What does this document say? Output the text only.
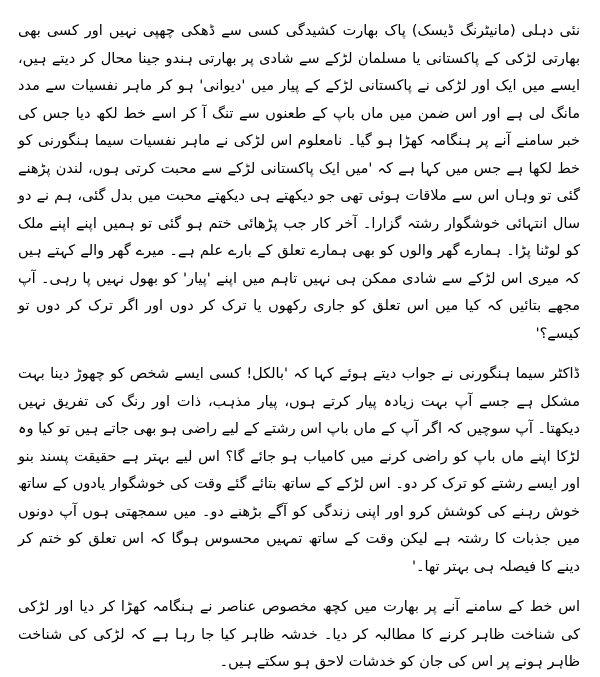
نئی دہلی (مانیٹرنگ ڈیسک) پاک بھارت کشیدگی کسی سے ڈھکی چھپی نہیں اور کسی بھی بھارتی لڑکی کے پاکستانی یا مسلمان لڑکے سے شادی پر بھارتی ہندو جینا محال کر دیتے ہیں، ایسے میں ایک اور لڑکی نے پاکستانی لڑکے کے پیار میں 'دیوانی' ہو کر ماہر نفسیات سے مدد مانگ لی ہے اور اس ضمن میں ماں باپ کے طعنوں سے تنگ آ کر اسے خط لکھ دیا جس کی خبر سامنے آنے پر ہنگامہ کھڑا ہو گیا۔ نامعلوم اس لڑکی نے ماہر نفسیات سیما ہنگورنی کو خط لکھا ہے جس میں کہا ہے کہ 'میں ایک پاکستانی لڑکے سے محبت کرتی ہوں، لندن پڑھنے گئی تو وہاں اس سے ملاقات ہوئی تھی جو دیکھتے ہی دیکھتے محبت میں بدل گئی، ہم نے دو سال انتہائی خوشگوار رشتہ گزارا۔ آخر کار جب پڑھائی ختم ہو گئی تو ہمیں اپنے اپنے ملک کو لوٹنا پڑا۔ ہمارے گھر والوں کو بھی ہمارے تعلق کے بارے علم ہے۔ میرے گھر والے کہتے ہیں کہ میری اس لڑکے سے شادی ممکن ہی نہیں تاہم میں اپنے 'پیار' کو بھول نہیں پا رہی۔ آپ مجھے بتائیں کہ کیا میں اس تعلق کو جاری رکھوں یا ترک کر دوں اور اگر ترک کر دوں تو کیسے؟'

ڈاکٹر سیما ہنگورنی نے جواب دیتے ہوئے کہا کہ 'بالکل! کسی ایسے شخص کو چھوڑ دینا بہت مشکل ہے جسے آپ بہت زیادہ پیار کرتے ہوں، پیار مذہب، ذات اور رنگ کی تفریق نہیں دیکھتا۔ آپ سوچیں کہ اگر آپ کے ماں باپ اس رشتے کے لیے راضی ہو بھی جاتے ہیں تو کیا وہ لڑکا اپنے ماں باپ کو راضی کرنے میں کامیاب ہو جائے گا؟ اس لیے بہتر ہے حقیقت پسند بنو اور ایسے رشتے کو ترک کر دو۔ اس لڑکے کے ساتھ بتائے گئے وقت کی خوشگوار یادوں کے ساتھ خوش رہنے کی کوشش کرو اور اپنی زندگی کو آگے بڑھنے دو۔ میں سمجھتی ہوں آپ دونوں میں جذبات کا رشتہ ہے لیکن وقت کے ساتھ تمہیں محسوس ہوگا کہ اس تعلق کو ختم کر دینے کا فیصلہ ہی بہتر تھا۔'

اس خط کے سامنے آنے پر بھارت میں کچھ مخصوص عناصر نے ہنگامہ کھڑا کر دیا اور لڑکی کی شناخت ظاہر کرنے کا مطالبہ کر دیا۔ خدشہ ظاہر کیا جا رہا ہے کہ لڑکی کی شناخت ظاہر ہونے پر اس کی جان کو خدشات لاحق ہو سکتے ہیں۔
